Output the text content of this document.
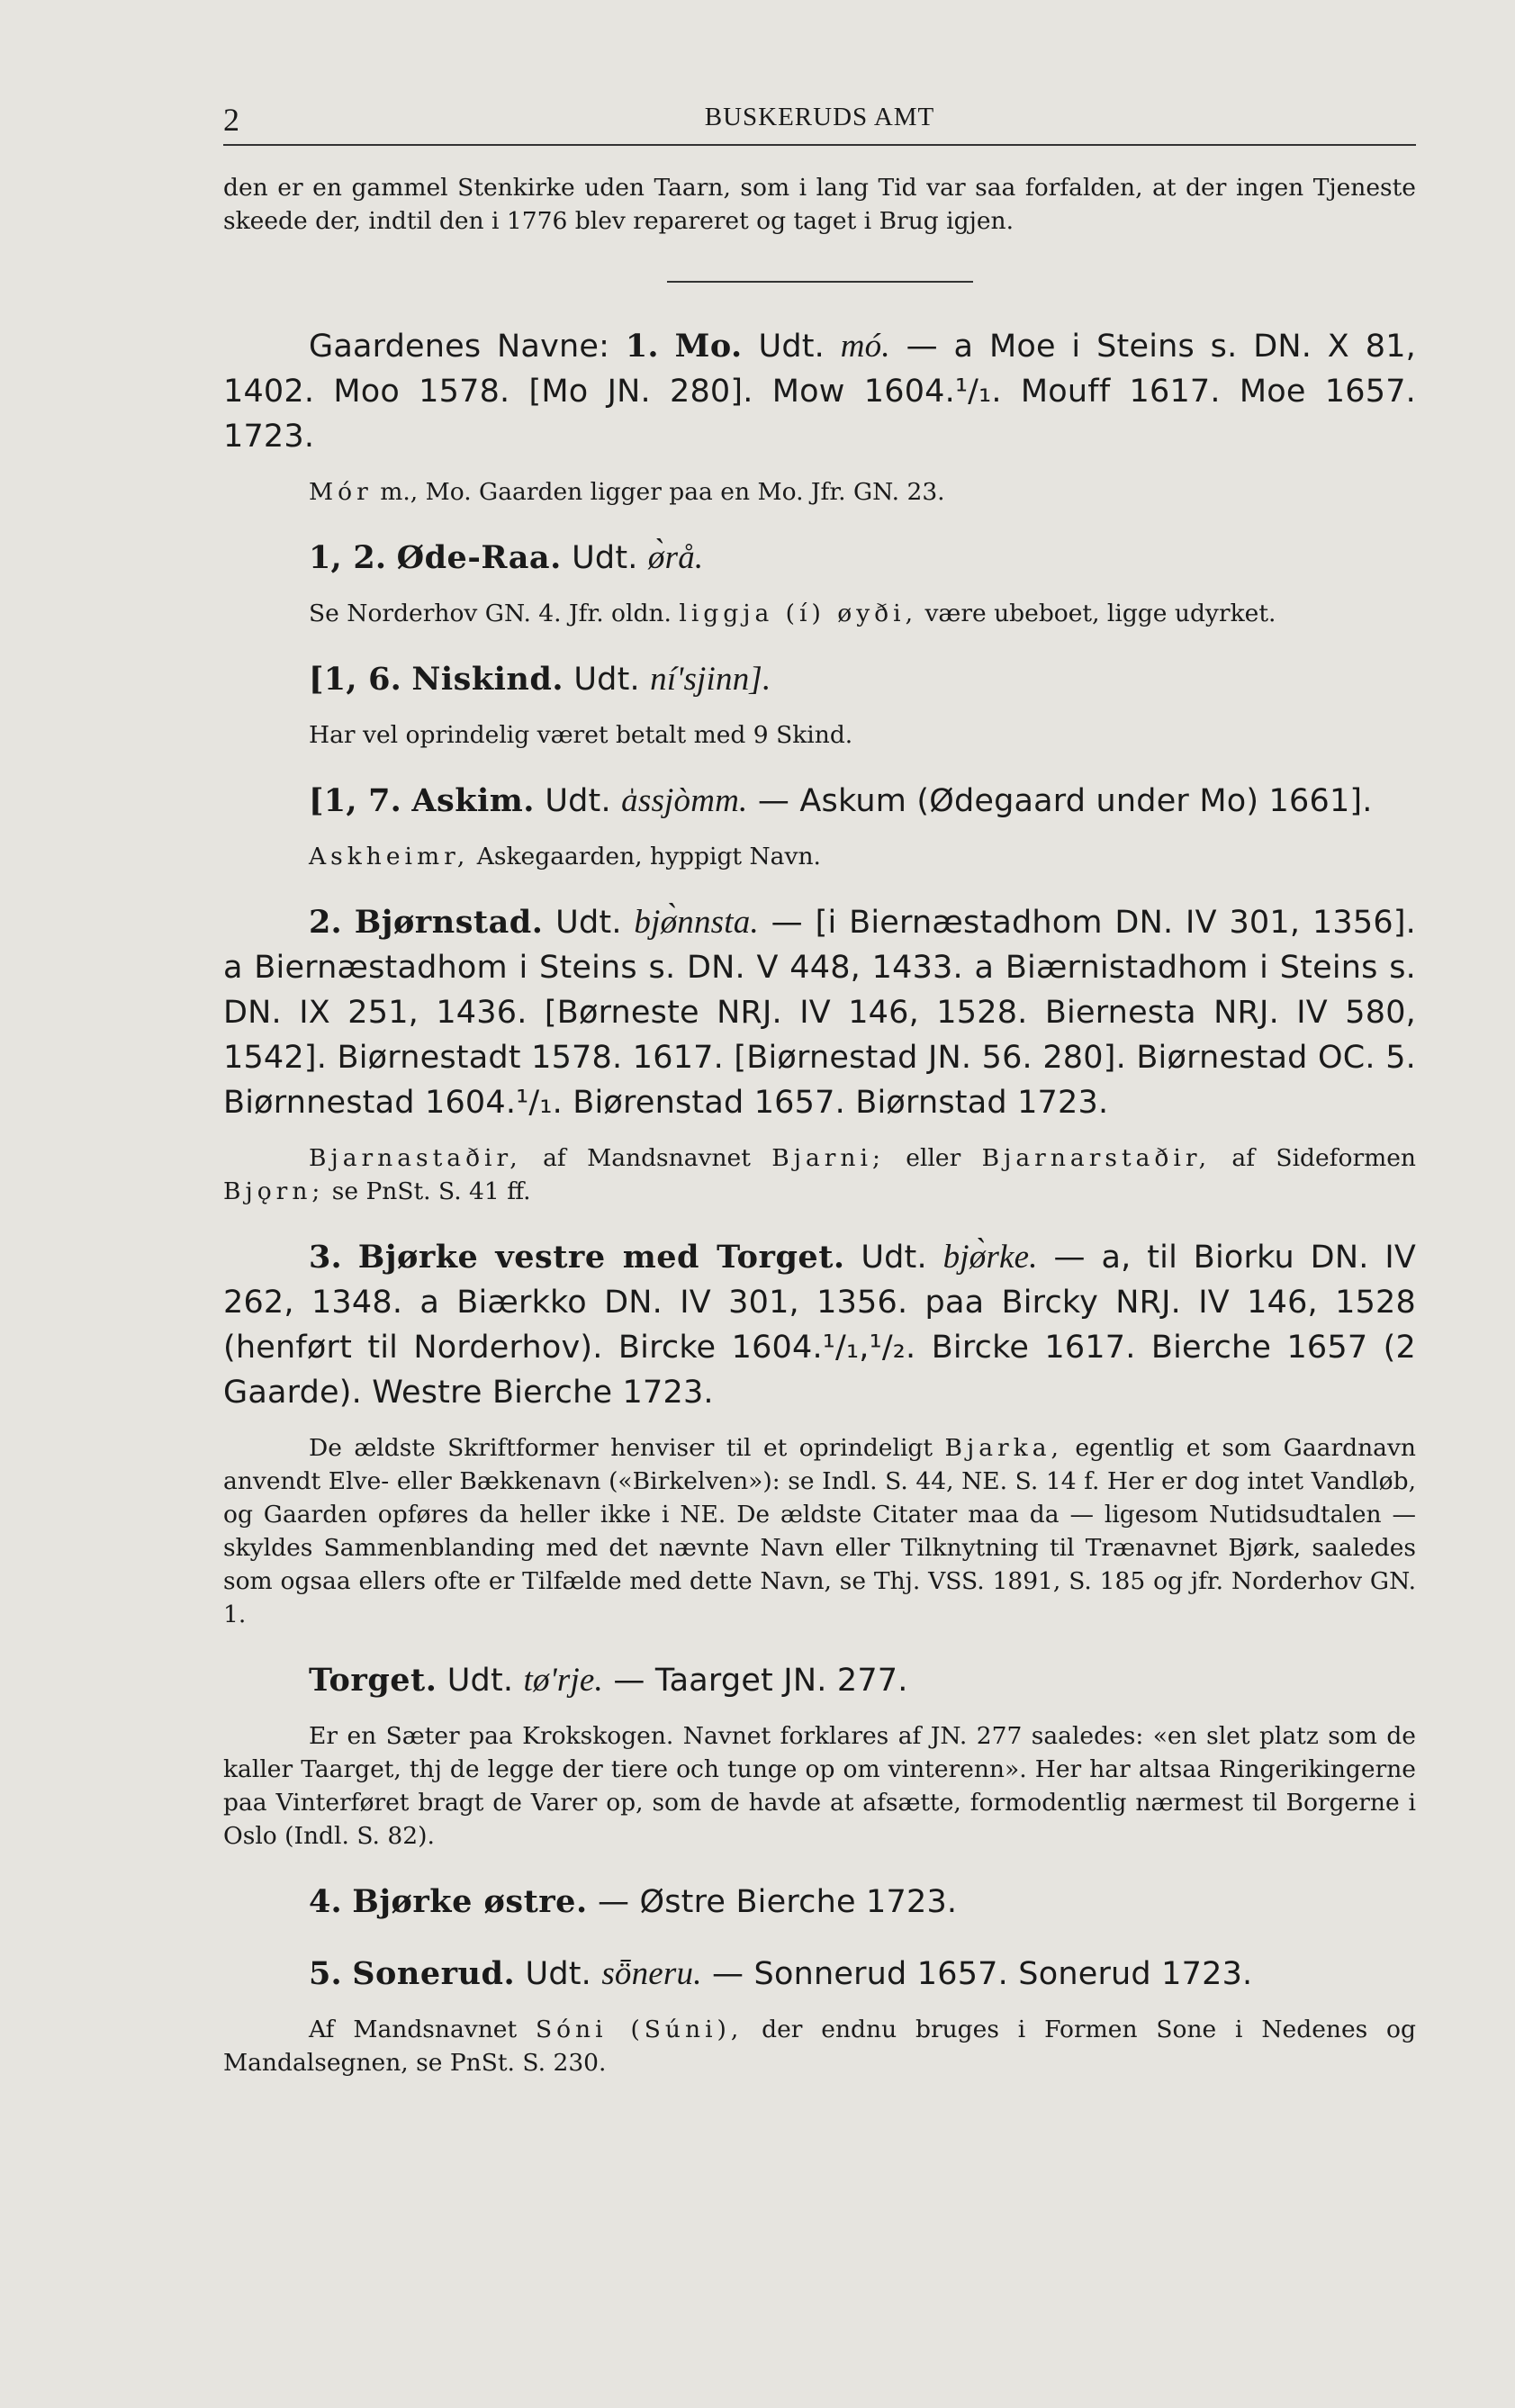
2	BUSKERUDS AMT

den er en gammel Stenkirke uden Taarn, som i lang Tid var saa forfalden, at der ingen Tjeneste skeede der, indtil den i 1776 blev repareret og taget i Brug igjen.

Gaardenes Navne: 1. Mo. Udt. mó. — a Moe i Steins s. DN. X 81, 1402. Moo 1578. [Mo JN. 280]. Mow 1604.¹/₁. Mouff 1617. Moe 1657. 1723.

Mór m., Mo. Gaarden ligger paa en Mo. Jfr. GN. 23.

1, 2. Øde-Raa. Udt. ø̀rå.

Se Norderhov GN. 4. Jfr. oldn. liggja (í) øyði, være ubeboet, ligge udyrket.

[1, 6. Niskind. Udt. ní'sjinn].

Har vel oprindelig været betalt med 9 Skind.

[1, 7. Askim. Udt. a̍ssjòmm. — Askum (Ødegaard under Mo) 1661].

Askheimr, Askegaarden, hyppigt Navn.

2. Bjørnstad. Udt. bjø̀nnsta. — [i Biernæstadhom DN. IV 301, 1356]. a Biernæstadhom i Steins s. DN. V 448, 1433. a Biærnistadhom i Steins s. DN. IX 251, 1436. [Børneste NRJ. IV 146, 1528. Biernesta NRJ. IV 580, 1542]. Biørnestadt 1578. 1617. [Biørnestad JN. 56. 280]. Biørnestad OC. 5. Biørnnestad 1604.¹/₁. Biørenstad 1657. Biørnstad 1723.

Bjarnastaðir, af Mandsnavnet Bjarni; eller Bjarnarstaðir, af Sideformen Bjǫrn; se PnSt. S. 41 ff.

3. Bjørke vestre med Torget. Udt. bjø̀rke. — a, til Biorku DN. IV 262, 1348. a Biærkko DN. IV 301, 1356. paa Bircky NRJ. IV 146, 1528 (henført til Norderhov). Bircke 1604.¹/₁,¹/₂. Bircke 1617. Bierche 1657 (2 Gaarde). Westre Bierche 1723.

De ældste Skriftformer henviser til et oprindeligt Bjarka, egentlig et som Gaardnavn anvendt Elve- eller Bækkenavn («Birkelven»): se Indl. S. 44, NE. S. 14 f. Her er dog intet Vandløb, og Gaarden opføres da heller ikke i NE. De ældste Citater maa da — ligesom Nutidsudtalen — skyldes Sammenblanding med det nævnte Navn eller Tilknytning til Trænavnet Bjørk, saaledes som ogsaa ellers ofte er Tilfælde med dette Navn, se Thj. VSS. 1891, S. 185 og jfr. Norderhov GN. 1.

Torget. Udt. tø'rje. — Taarget JN. 277.

Er en Sæter paa Krokskogen. Navnet forklares af JN. 277 saaledes: «en slet platz som de kaller Taarget, thj de legge der tiere och tunge op om vinterenn». Her har altsaa Ringerikingerne paa Vinterføret bragt de Varer op, som de havde at afsætte, formodentlig nærmest til Borgerne i Oslo (Indl. S. 82).

4. Bjørke østre. — Østre Bierche 1723.

5. Sonerud. Udt. sȫneru. — Sonnerud 1657. Sonerud 1723.

Af Mandsnavnet Sóni (Súni), der endnu bruges i Formen Sone i Nedenes og Mandalsegnen, se PnSt. S. 230.
